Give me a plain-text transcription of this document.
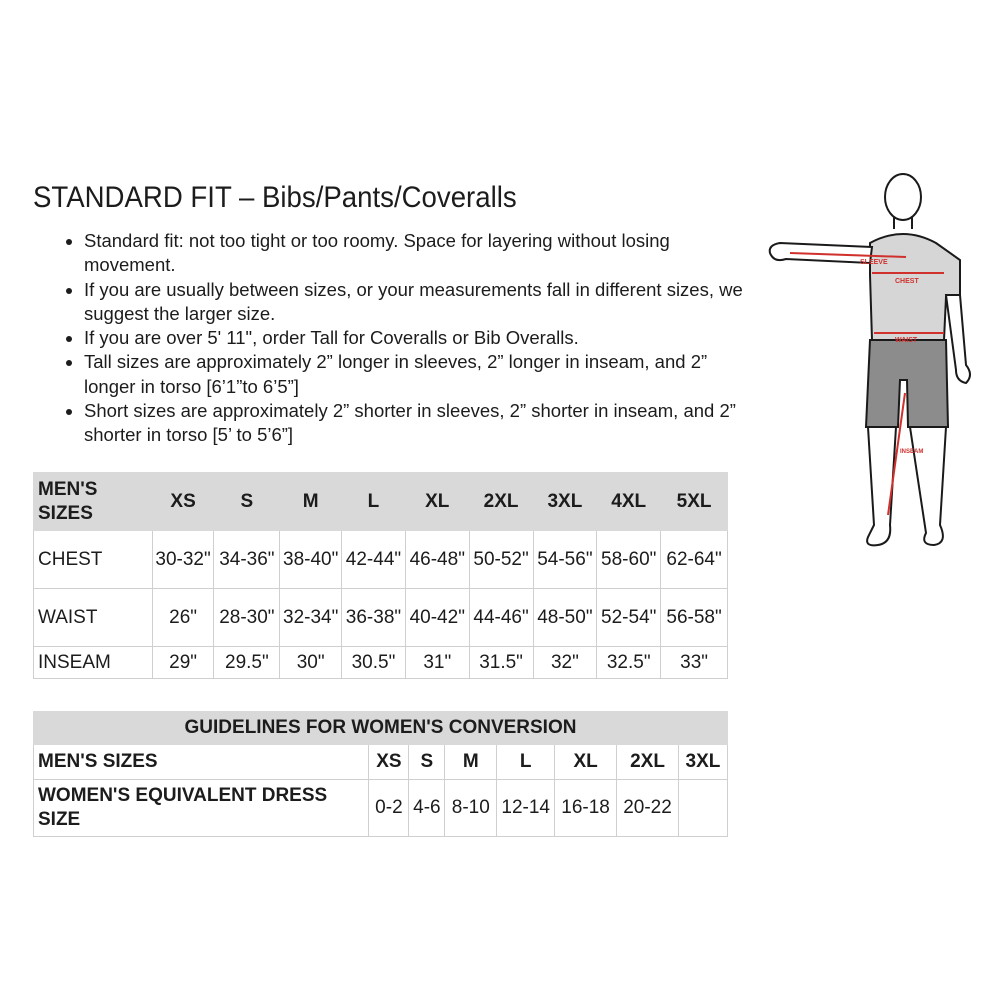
STANDARD FIT – Bibs/Pants/Coveralls
• Standard fit: not too tight or too roomy. Space for layering without losing movement.
• If you are usually between sizes, or your measurements fall in different sizes, we suggest the larger size.
• If you are over 5' 11", order Tall for Coveralls or Bib Overalls.
• Tall sizes are approximately 2” longer in sleeves, 2” longer in inseam, and 2” longer in torso [6’1”to 6’5”]
• Short sizes are approximately 2” shorter in sleeves, 2” shorter in inseam, and 2” shorter in torso [5’ to 5’6”]
MEN'S SIZES	XS	S	M	L	XL	2XL	3XL	4XL	5XL
CHEST	30-32"	34-36"	38-40"	42-44"	46-48"	50-52"	54-56"	58-60"	62-64"
WAIST	26"	28-30"	32-34"	36-38"	40-42"	44-46"	48-50"	52-54"	56-58"
INSEAM	29"	29.5"	30"	30.5"	31"	31.5"	32"	32.5"	33"
GUIDELINES FOR WOMEN'S CONVERSION							
MEN'S SIZES	XS	S	M	L	XL	2XL	3XL
WOMEN'S EQUIVALENT DRESS SIZE	0-2	4-6	8-10	12-14	16-18	20-22	
SLEEVE
CHEST
WAIST
INSEAM
